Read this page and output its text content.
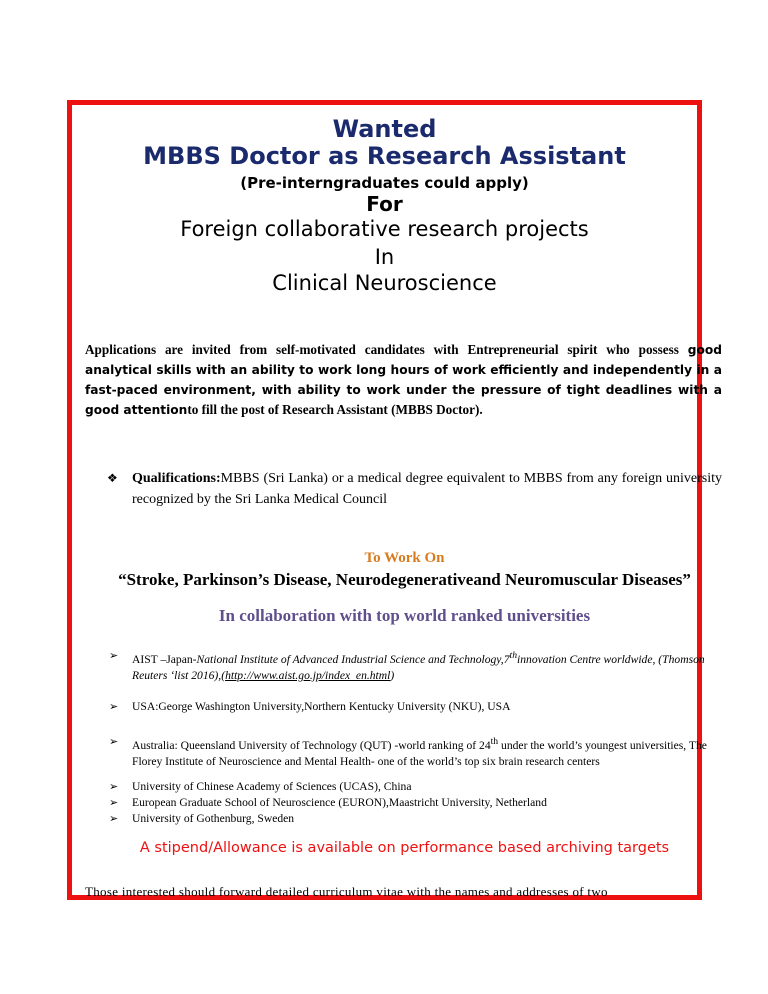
Wanted
MBBS Doctor as Research Assistant
(Pre-interngraduates could apply)
For
Foreign collaborative research projects
In
Clinical Neuroscience
Applications are invited from self-motivated candidates with Entrepreneurial spirit who possess good analytical skills with an ability to work long hours of work efficiently and independently in a fast-paced environment, with ability to work under the pressure of tight deadlines with a good attentionto fill the post of Research Assistant (MBBS Doctor).
❖ Qualifications:MBBS (Sri Lanka) or a medical degree equivalent to MBBS from any foreign university recognized by the Sri Lanka Medical Council
To Work On
“Stroke, Parkinson’s Disease, Neurodegenerativeand Neuromuscular Diseases”
In collaboration with top world ranked universities
➢ AIST –Japan-National Institute of Advanced Industrial Science and Technology,7thinnovation Centre worldwide, (Thomson Reuters ‘list 2016),(http://www.aist.go.jp/index_en.html)
➢ USA:George Washington University,Northern Kentucky University (NKU), USA
➢ Australia: Queensland University of Technology (QUT) -world ranking of 24th under the world’s youngest universities, The Florey Institute of Neuroscience and Mental Health- one of the world’s top six brain research centers
➢ University of Chinese Academy of Sciences (UCAS), China
➢ European Graduate School of Neuroscience (EURON),Maastricht University, Netherland
➢ University of Gothenburg, Sweden
A stipend/Allowance is available on performance based archiving targets
Those interested should forward detailed curriculum vitae with the names and addresses of two
